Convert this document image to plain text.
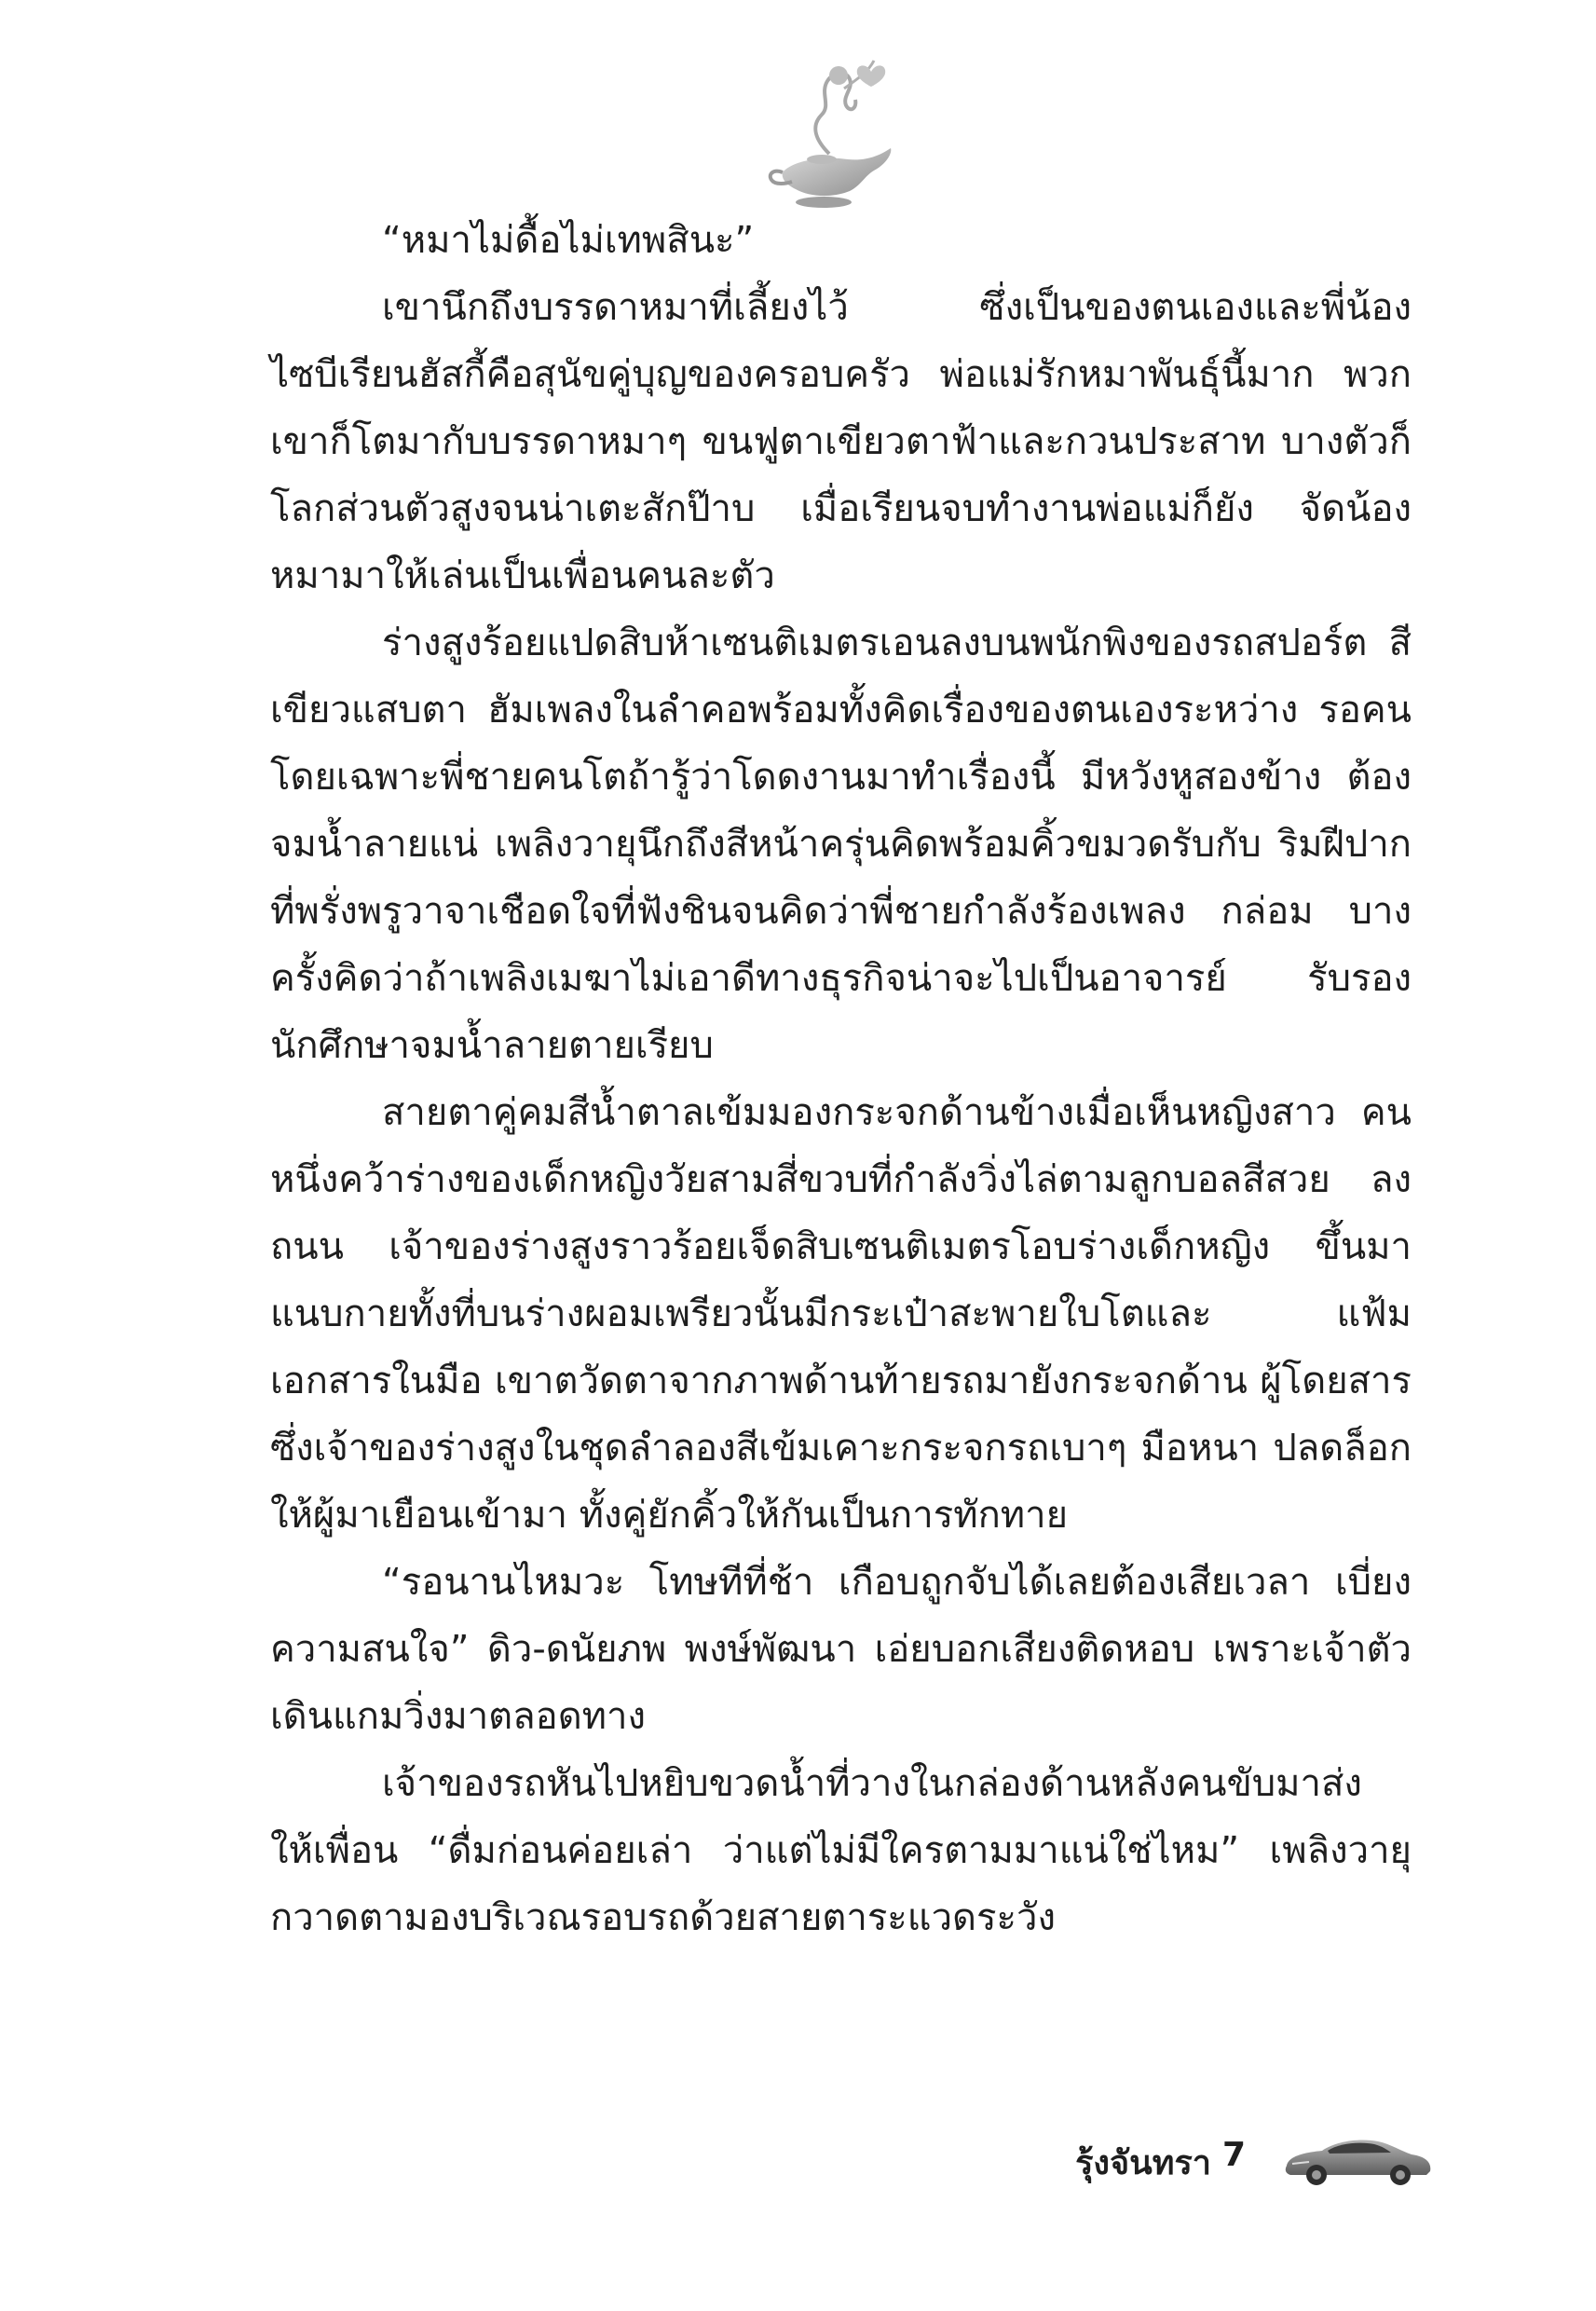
“หมาไม่ดื้อไม่เทพสินะ”

เขานึกถึงบรรดาหมาที่เลี้ยงไว้ ซึ่งเป็นของตนเองและพี่น้อง ไซบีเรียนฮัสกี้คือสุนัขคู่บุญของครอบครัว พ่อแม่รักหมาพันธุ์นี้มาก พวกเขาก็โตมากับบรรดาหมาๆ ขนฟูตาเขียวตาฟ้าและกวนประสาท บางตัวก็โลกส่วนตัวสูงจนน่าเตะสักป๊าบ เมื่อเรียนจบทำงานพ่อแม่ก็ยัง จัดน้องหมามาให้เล่นเป็นเพื่อนคนละตัว

ร่างสูงร้อยแปดสิบห้าเซนติเมตรเอนลงบนพนักพิงของรถสปอร์ต สีเขียวแสบตา ฮัมเพลงในลำคอพร้อมทั้งคิดเรื่องของตนเองระหว่าง รอคน โดยเฉพาะพี่ชายคนโตถ้ารู้ว่าโดดงานมาทำเรื่องนี้ มีหวังหูสองข้าง ต้องจมน้ำลายแน่ เพลิงวายุนึกถึงสีหน้าครุ่นคิดพร้อมคิ้วขมวดรับกับ ริมฝีปากที่พรั่งพรูวาจาเชือดใจที่ฟังชินจนคิดว่าพี่ชายกำลังร้องเพลง กล่อม บางครั้งคิดว่าถ้าเพลิงเมฆาไม่เอาดีทางธุรกิจน่าจะไปเป็นอาจารย์ รับรองนักศึกษาจมน้ำลายตายเรียบ

สายตาคู่คมสีน้ำตาลเข้มมองกระจกด้านข้างเมื่อเห็นหญิงสาว คนหนึ่งคว้าร่างของเด็กหญิงวัยสามสี่ขวบที่กำลังวิ่งไล่ตามลูกบอลสีสวย ลงถนน เจ้าของร่างสูงราวร้อยเจ็ดสิบเซนติเมตรโอบร่างเด็กหญิง ขึ้นมาแนบกายทั้งที่บนร่างผอมเพรียวนั้นมีกระเป๋าสะพายใบโตและ แฟ้มเอกสารในมือ เขาตวัดตาจากภาพด้านท้ายรถมายังกระจกด้าน ผู้โดยสารซึ่งเจ้าของร่างสูงในชุดลำลองสีเข้มเคาะกระจกรถเบาๆ มือหนา ปลดล็อกให้ผู้มาเยือนเข้ามา ทั้งคู่ยักคิ้วให้กันเป็นการทักทาย

“รอนานไหมวะ โทษทีที่ช้า เกือบถูกจับได้เลยต้องเสียเวลา เบี่ยงความสนใจ” ดิว-ดนัยภพ พงษ์พัฒนา เอ่ยบอกเสียงติดหอบ เพราะเจ้าตัวเดินแกมวิ่งมาตลอดทาง

เจ้าของรถหันไปหยิบขวดน้ำที่วางในกล่องด้านหลังคนขับมาส่ง ให้เพื่อน “ดื่มก่อนค่อยเล่า ว่าแต่ไม่มีใครตามมาแน่ใช่ไหม” เพลิงวายุ กวาดตามองบริเวณรอบรถด้วยสายตาระแวดระวัง

รุ้งจันทรา 7
